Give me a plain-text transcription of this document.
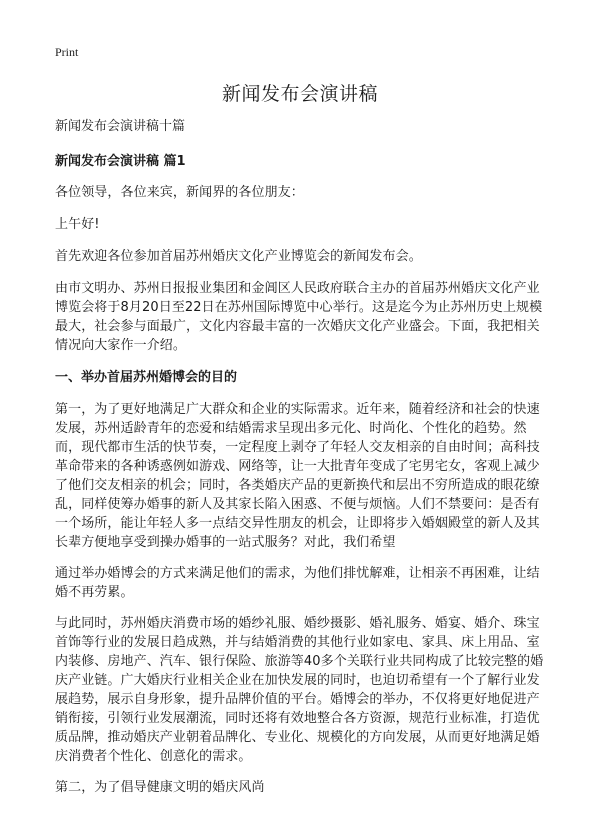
Print
新闻发布会演讲稿

新闻发布会演讲稿十篇

新闻发布会演讲稿 篇1

各位领导，各位来宾，新闻界的各位朋友：

上午好!

首先欢迎各位参加首届苏州婚庆文化产业博览会的新闻发布会。

由市文明办、苏州日报报业集团和金阊区人民政府联合主办的首届苏州婚庆文化产业博览会将于8月20日至22日在苏州国际博览中心举行。这是迄今为止苏州历史上规模最大，社会参与面最广，文化内容最丰富的一次婚庆文化产业盛会。下面，我把相关情况向大家作一介绍。

一、举办首届苏州婚博会的目的

第一，为了更好地满足广大群众和企业的实际需求。近年来，随着经济和社会的快速发展，苏州适龄青年的恋爱和结婚需求呈现出多元化、时尚化、个性化的趋势。然而，现代都市生活的快节奏，一定程度上剥夺了年轻人交友相亲的自由时间；高科技革命带来的各种诱惑例如游戏、网络等，让一大批青年变成了宅男宅女，客观上减少了他们交友相亲的机会；同时，各类婚庆产品的更新换代和层出不穷所造成的眼花缭乱，同样使筹办婚事的新人及其家长陷入困惑、不便与烦恼。人们不禁要问：是否有一个场所，能让年轻人多一点结交异性朋友的机会，让即将步入婚姻殿堂的新人及其长辈方便地享受到操办婚事的一站式服务？对此，我们希望

通过举办婚博会的方式来满足他们的需求，为他们排忧解难，让相亲不再困难，让结婚不再劳累。

与此同时，苏州婚庆消费市场的婚纱礼服、婚纱摄影、婚礼服务、婚宴、婚介、珠宝首饰等行业的发展日趋成熟，并与结婚消费的其他行业如家电、家具、床上用品、室内装修、房地产、汽车、银行保险、旅游等40多个关联行业共同构成了比较完整的婚庆产业链。广大婚庆行业相关企业在加快发展的同时，也迫切希望有一个了解行业发展趋势，展示自身形象，提升品牌价值的平台。婚博会的举办，不仅将更好地促进产销衔接，引领行业发展潮流，同时还将有效地整合各方资源，规范行业标准，打造优质品牌，推动婚庆产业朝着品牌化、专业化、规模化的方向发展，从而更好地满足婚庆消费者个性化、创意化的需求。

第二，为了倡导健康文明的婚庆风尚
